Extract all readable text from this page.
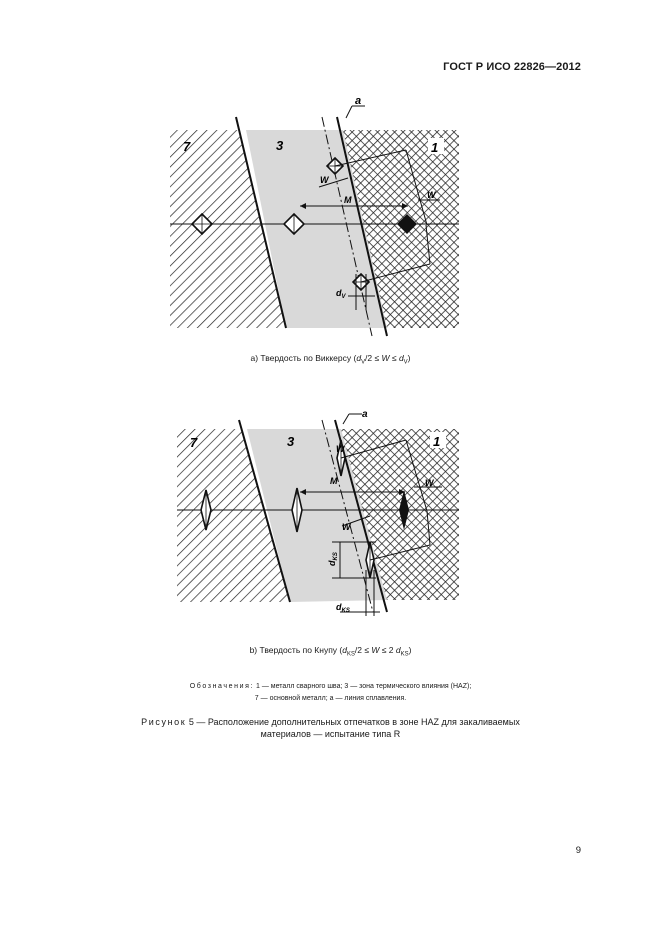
ГОСТ Р ИСО 22826—2012
7	3	1
a
W
M	W
$d_V$
a) Твердость по Виккерсу $(d_V/2 \le W \le d_V)$
7	3	1
a
W
M	W
W
$d_{KS}$
$d_{KS}$
b) Твердость по Кнупу ($d_{KS}/2 \le W \le 2$ $d_{KS}$)
Обозначения: 1 — металл сварного шва; 3 — зона термического влияния (HAZ);
7 — основной металл; a — линия сплавления.
Рисунок 5 — Расположение дополнительных отпечатков в зоне HAZ для закаливаемых
материалов — испытание типа R
9
